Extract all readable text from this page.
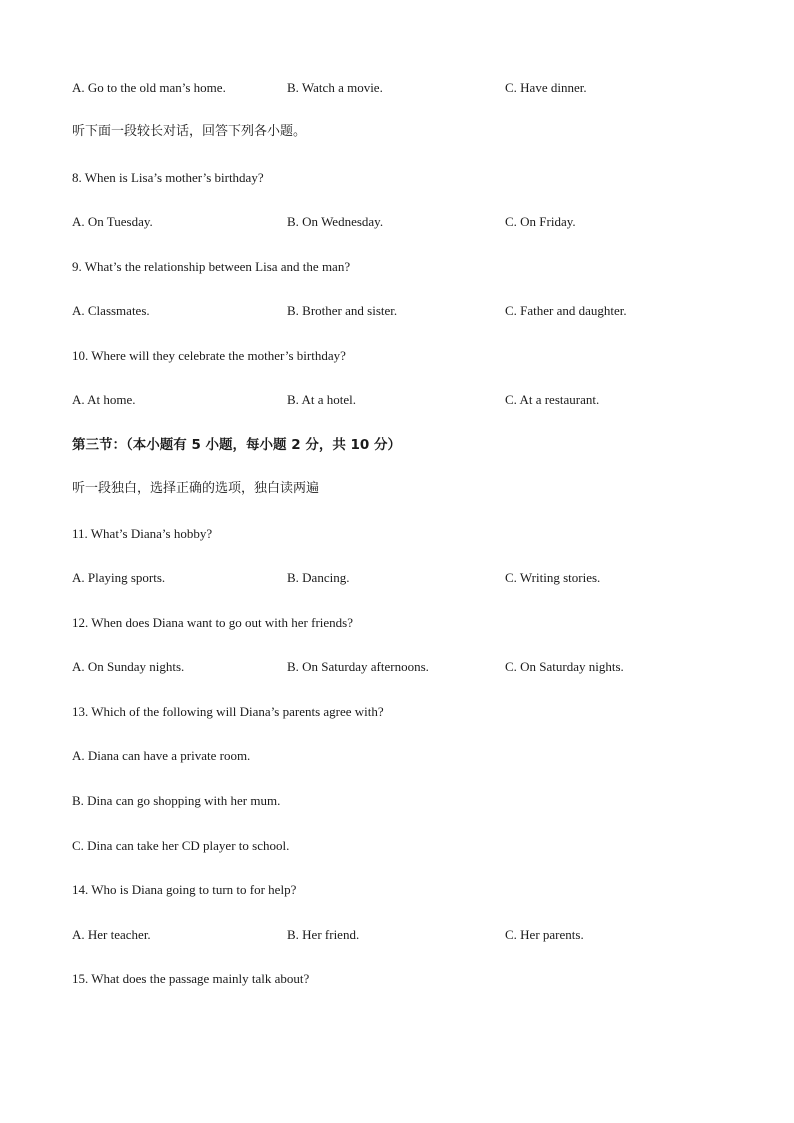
A. Go to the old man’s home.	B. Watch a movie.	C. Have dinner.
听下面一段较长对话，回答下列各小题。
8. When is Lisa’s mother’s birthday?
A. On Tuesday.	B. On Wednesday.	C. On Friday.
9. What’s the relationship between Lisa and the man?
A. Classmates.	B. Brother and sister.	C. Father and daughter.
10. Where will they celebrate the mother’s birthday?
A. At home.	B. At a hotel.	C. At a restaurant.
第三节：（本小题有 5 小题，每小题 2 分，共 10 分）
听一段独白，选择正确的选项，独白读两遍
11. What’s Diana’s hobby?
A. Playing sports.	B. Dancing.	C. Writing stories.
12. When does Diana want to go out with her friends?
A. On Sunday nights.	B. On Saturday afternoons.	C. On Saturday nights.
13. Which of the following will Diana’s parents agree with?
A. Diana can have a private room.
B. Dina can go shopping with her mum.
C. Dina can take her CD player to school.
14. Who is Diana going to turn to for help?
A. Her teacher.	B. Her friend.	C. Her parents.
15. What does the passage mainly talk about?
